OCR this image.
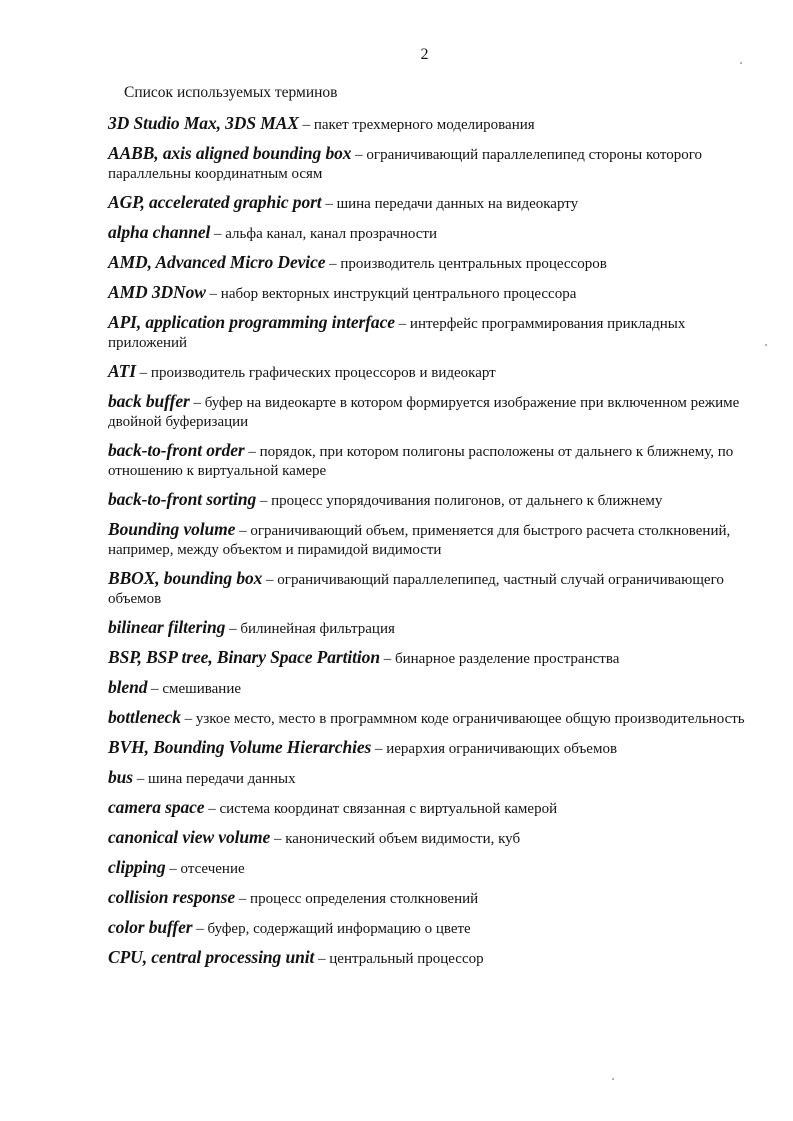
2
Список используемых терминов

3D Studio Max, 3DS MAX – пакет трехмерного моделирования

AABB, axis aligned bounding box – ограничивающий параллелепипед стороны которого параллельны координатным осям

AGP, accelerated graphic port – шина передачи данных на видеокарту

alpha channel – альфа канал, канал прозрачности

AMD, Advanced Micro Device – производитель центральных процессоров

AMD 3DNow – набор векторных инструкций центрального процессора

API, application programming interface – интерфейс программирования прикладных приложений

ATI – производитель графических процессоров и видеокарт

back buffer – буфер на видеокарте в котором формируется изображение при включенном режиме двойной буферизации

back-to-front order – порядок, при котором полигоны расположены от дальнего к ближнему, по отношению к виртуальной камере

back-to-front sorting – процесс упорядочивания полигонов, от дальнего к ближнему

Bounding volume – ограничивающий объем, применяется для быстрого расчета столкновений, например, между объектом и пирамидой видимости

BBOX, bounding box – ограничивающий параллелепипед, частный случай ограничивающего объемов

bilinear filtering – билинейная фильтрация

BSP, BSP tree, Binary Space Partition – бинарное разделение пространства

blend – смешивание

bottleneck – узкое место, место в программном коде ограничивающее общую производительность

BVH, Bounding Volume Hierarchies – иерархия ограничивающих объемов

bus – шина передачи данных

camera space – система координат связанная с виртуальной камерой

canonical view volume – канонический объем видимости, куб

clipping – отсечение

collision response – процесс определения столкновений

color buffer – буфер, содержащий информацию о цвете

CPU, central processing unit – центральный процессор
